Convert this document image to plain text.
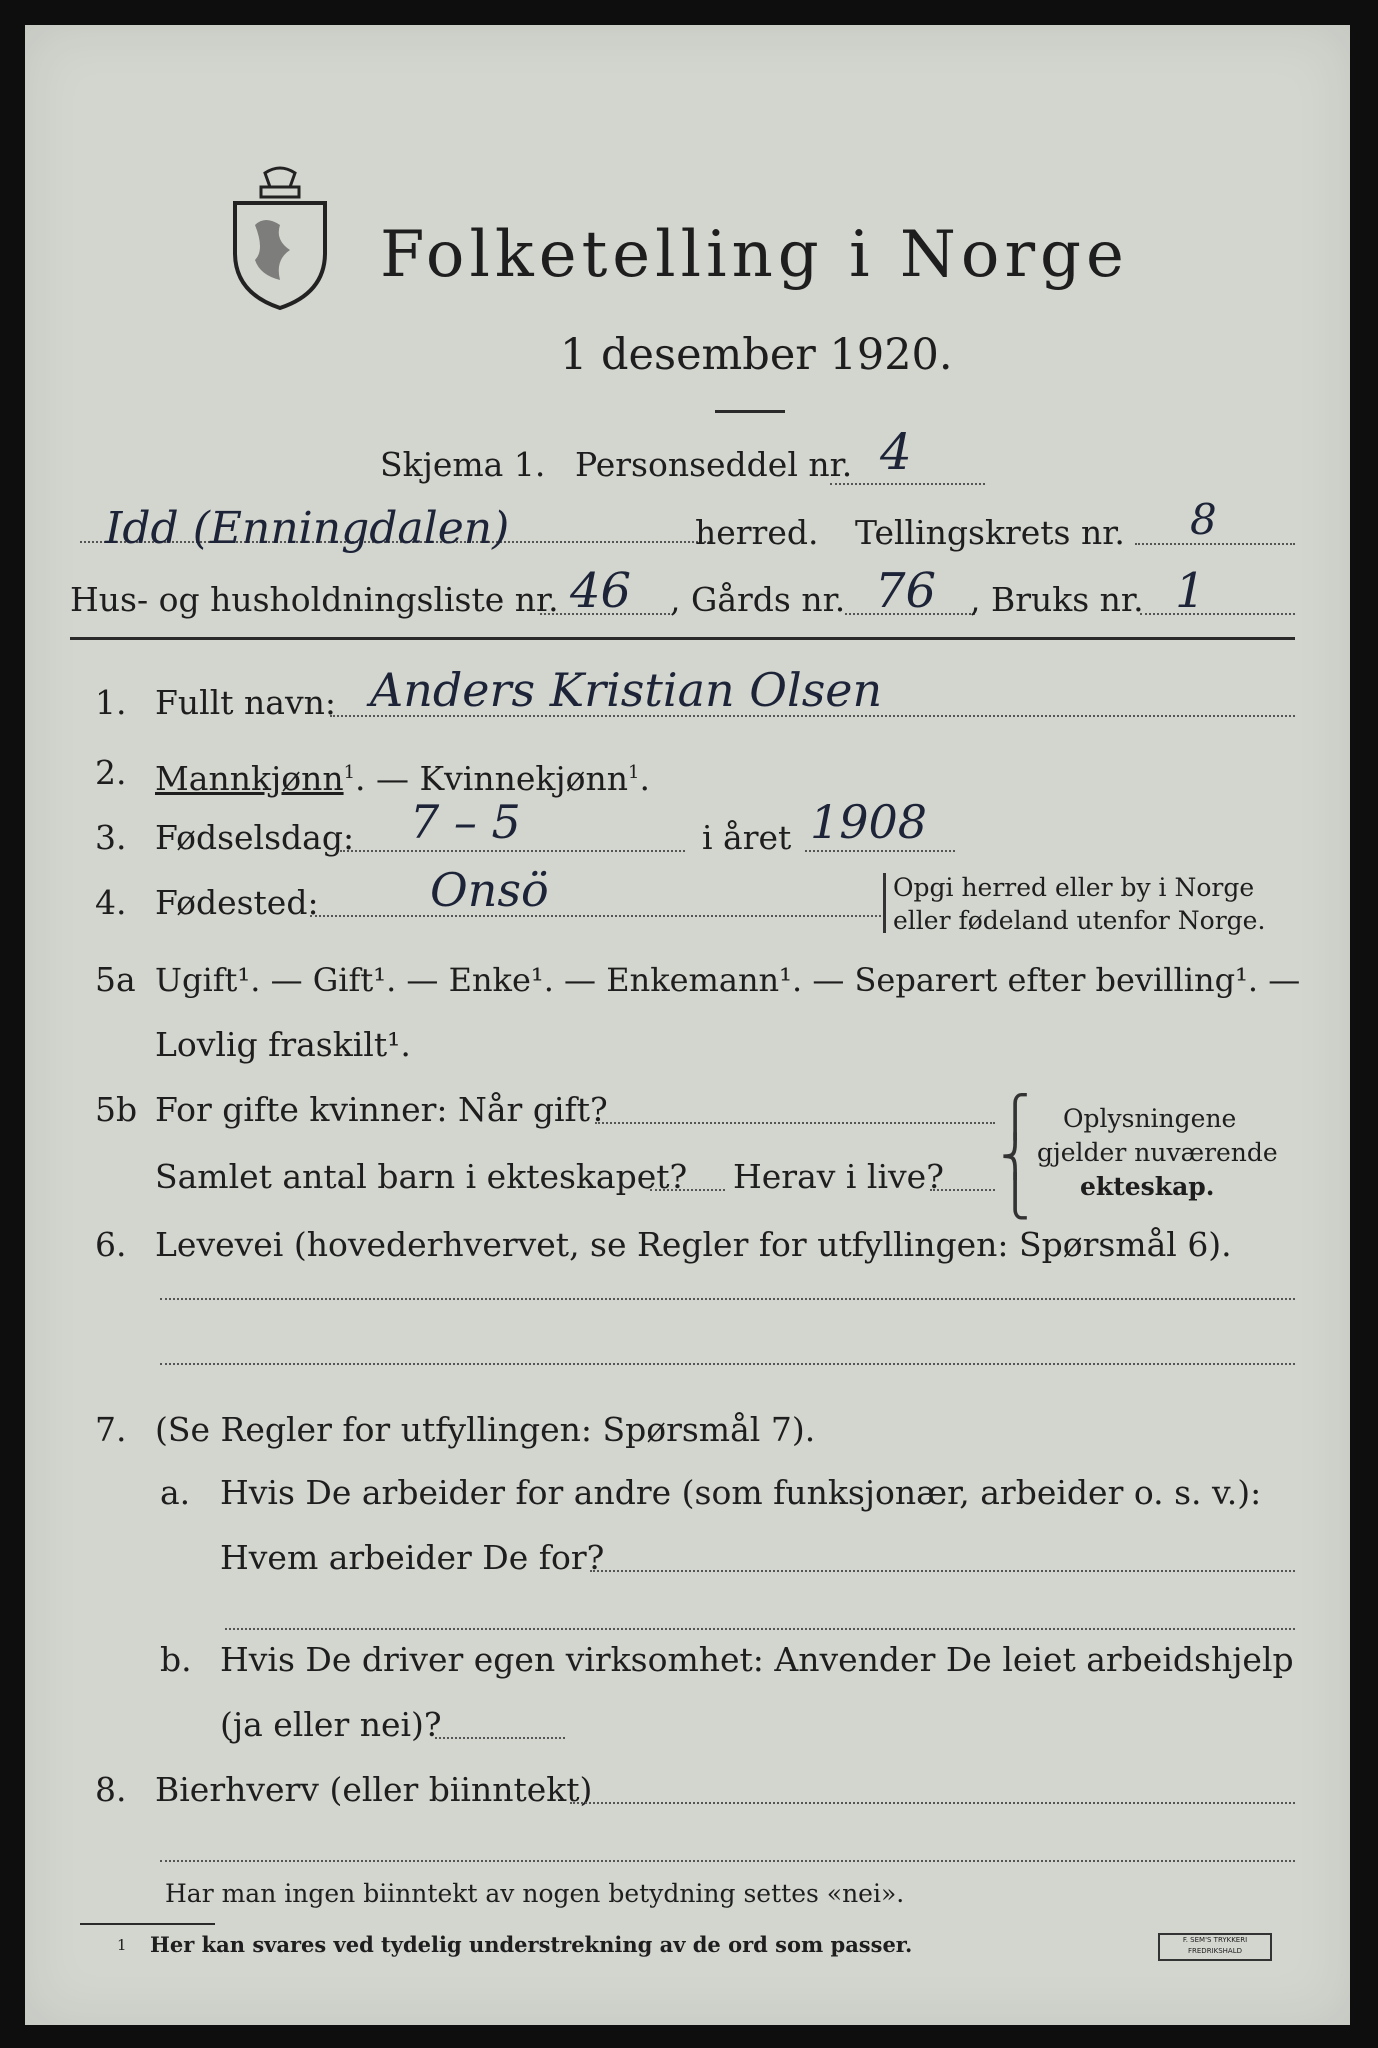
Folketelling i Norge
1 desember 1920.
Skjema 1. Personseddel nr. 4
Idd (Enningdalen)	herred. Tellingskrets nr. 8
Hus- og husholdningsliste nr. 46 , Gårds nr. 76 , Bruks nr. 1
1. Fullt navn: Anders Kristian Olsen
2. Mannkjønn$^1$. — Kvinnekjønn$^1$.
3. Fødselsdag: 7 – 5	i året 1908
4. Fødested: Onsö	Opgi herred eller by i Norge
eller fødeland utenfor Norge.
5a Ugift¹. — Gift¹. — Enke¹. — Enkemann¹. — Separert efter bevilling¹. —
Lovlig fraskilt¹.
5b For gifte kvinner: Når gift?
Samlet antal barn i ekteskapet? Herav i live?
⎧
⎨
⎩
Oplysningene
gjelder nuværende
ekteskap.
6. Levevei (hovederhvervet, se Regler for utfyllingen: Spørsmål 6).
7. (Se Regler for utfyllingen: Spørsmål 7).
a. Hvis De arbeider for andre (som funksjonær, arbeider o. s. v.):
Hvem arbeider De for?
b. Hvis De driver egen virksomhet: Anvender De leiet arbeidshjelp
(ja eller nei)?
8. Bierhverv (eller biinntekt)
Har man ingen biinntekt av nogen betydning settes «nei».
1 Her kan svares ved tydelig understrekning av de ord som passer.	F. SEM'S TRYKKERI
FREDRIKSHALD
